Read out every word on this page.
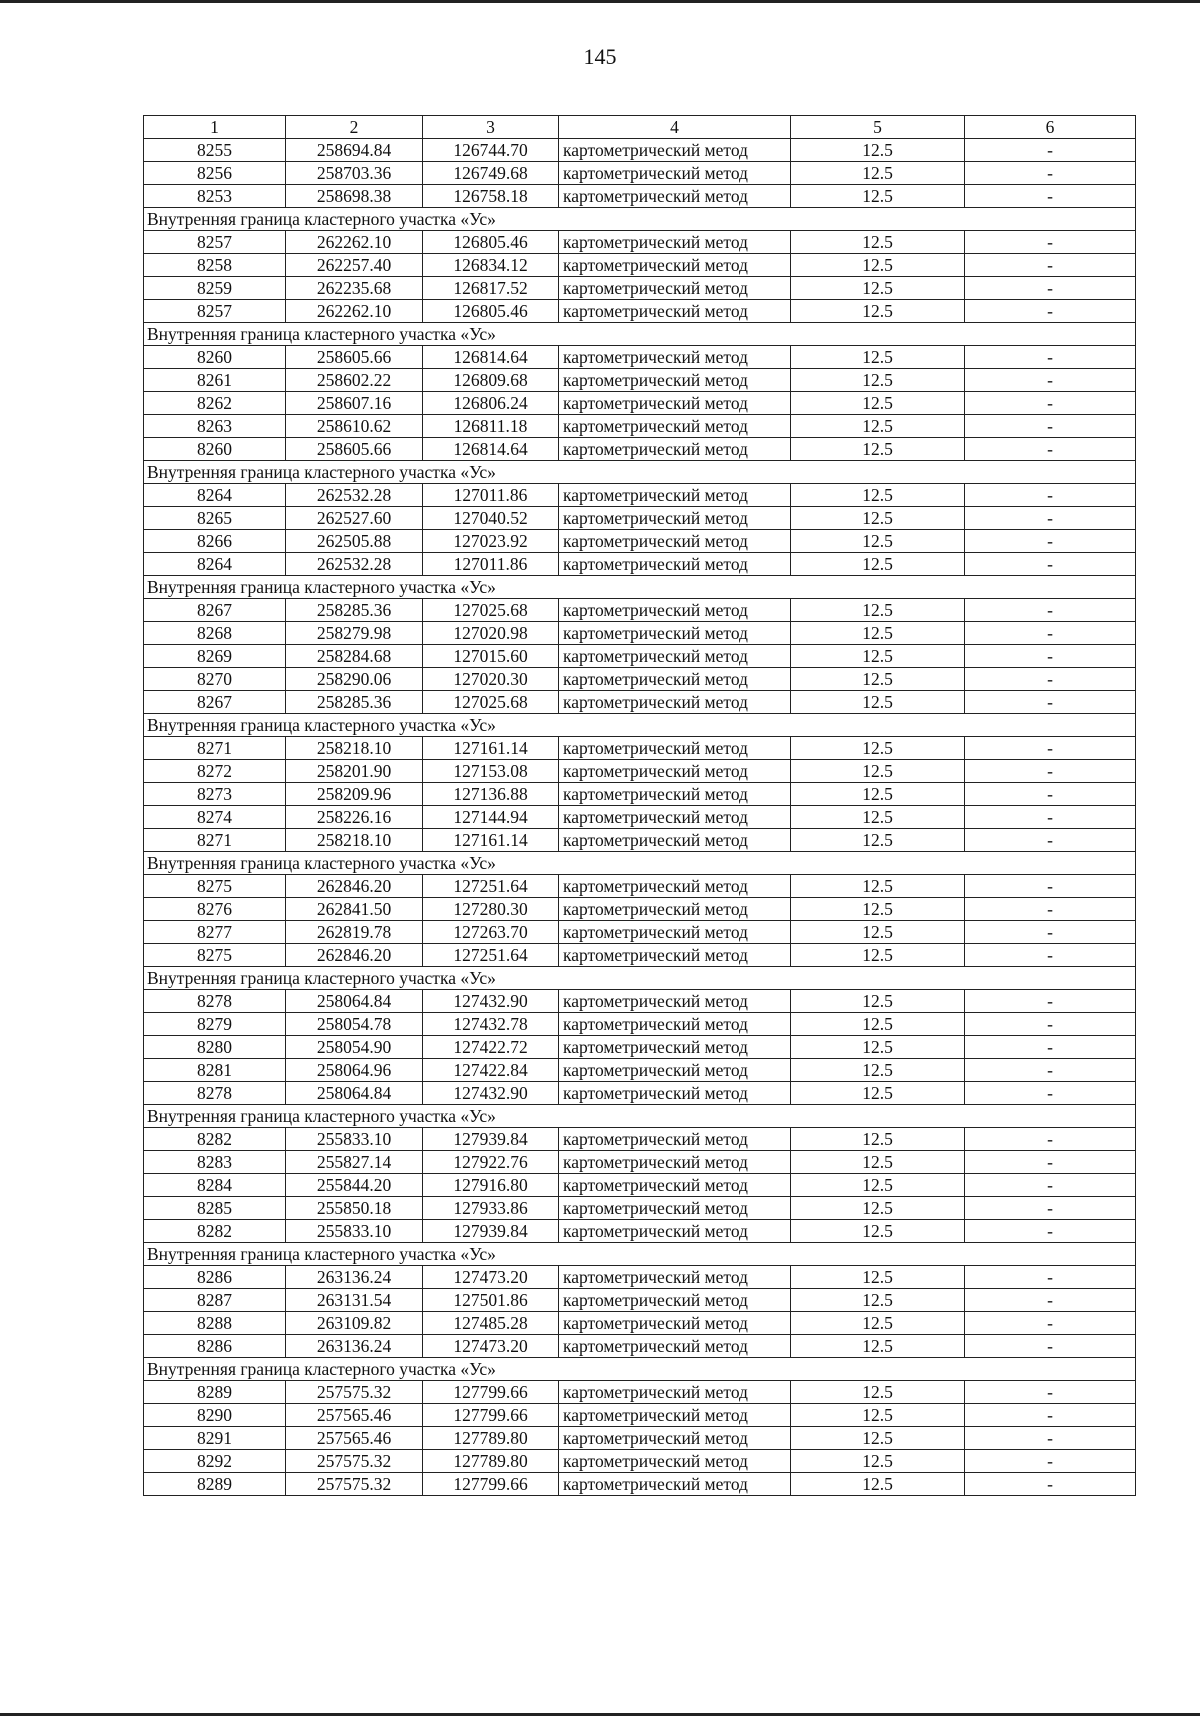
145
1	2	3	4	5	6
8255	258694.84	126744.70	картометрический метод	12.5	-
8256	258703.36	126749.68	картометрический метод	12.5	-
8253	258698.38	126758.18	картометрический метод	12.5	-
Внутренняя граница кластерного участка «Ус»					
8257	262262.10	126805.46	картометрический метод	12.5	-
8258	262257.40	126834.12	картометрический метод	12.5	-
8259	262235.68	126817.52	картометрический метод	12.5	-
8257	262262.10	126805.46	картометрический метод	12.5	-
Внутренняя граница кластерного участка «Ус»					
8260	258605.66	126814.64	картометрический метод	12.5	-
8261	258602.22	126809.68	картометрический метод	12.5	-
8262	258607.16	126806.24	картометрический метод	12.5	-
8263	258610.62	126811.18	картометрический метод	12.5	-
8260	258605.66	126814.64	картометрический метод	12.5	-
Внутренняя граница кластерного участка «Ус»					
8264	262532.28	127011.86	картометрический метод	12.5	-
8265	262527.60	127040.52	картометрический метод	12.5	-
8266	262505.88	127023.92	картометрический метод	12.5	-
8264	262532.28	127011.86	картометрический метод	12.5	-
Внутренняя граница кластерного участка «Ус»					
8267	258285.36	127025.68	картометрический метод	12.5	-
8268	258279.98	127020.98	картометрический метод	12.5	-
8269	258284.68	127015.60	картометрический метод	12.5	-
8270	258290.06	127020.30	картометрический метод	12.5	-
8267	258285.36	127025.68	картометрический метод	12.5	-
Внутренняя граница кластерного участка «Ус»					
8271	258218.10	127161.14	картометрический метод	12.5	-
8272	258201.90	127153.08	картометрический метод	12.5	-
8273	258209.96	127136.88	картометрический метод	12.5	-
8274	258226.16	127144.94	картометрический метод	12.5	-
8271	258218.10	127161.14	картометрический метод	12.5	-
Внутренняя граница кластерного участка «Ус»					
8275	262846.20	127251.64	картометрический метод	12.5	-
8276	262841.50	127280.30	картометрический метод	12.5	-
8277	262819.78	127263.70	картометрический метод	12.5	-
8275	262846.20	127251.64	картометрический метод	12.5	-
Внутренняя граница кластерного участка «Ус»					
8278	258064.84	127432.90	картометрический метод	12.5	-
8279	258054.78	127432.78	картометрический метод	12.5	-
8280	258054.90	127422.72	картометрический метод	12.5	-
8281	258064.96	127422.84	картометрический метод	12.5	-
8278	258064.84	127432.90	картометрический метод	12.5	-
Внутренняя граница кластерного участка «Ус»					
8282	255833.10	127939.84	картометрический метод	12.5	-
8283	255827.14	127922.76	картометрический метод	12.5	-
8284	255844.20	127916.80	картометрический метод	12.5	-
8285	255850.18	127933.86	картометрический метод	12.5	-
8282	255833.10	127939.84	картометрический метод	12.5	-
Внутренняя граница кластерного участка «Ус»					
8286	263136.24	127473.20	картометрический метод	12.5	-
8287	263131.54	127501.86	картометрический метод	12.5	-
8288	263109.82	127485.28	картометрический метод	12.5	-
8286	263136.24	127473.20	картометрический метод	12.5	-
Внутренняя граница кластерного участка «Ус»					
8289	257575.32	127799.66	картометрический метод	12.5	-
8290	257565.46	127799.66	картометрический метод	12.5	-
8291	257565.46	127789.80	картометрический метод	12.5	-
8292	257575.32	127789.80	картометрический метод	12.5	-
8289	257575.32	127799.66	картометрический метод	12.5	-
